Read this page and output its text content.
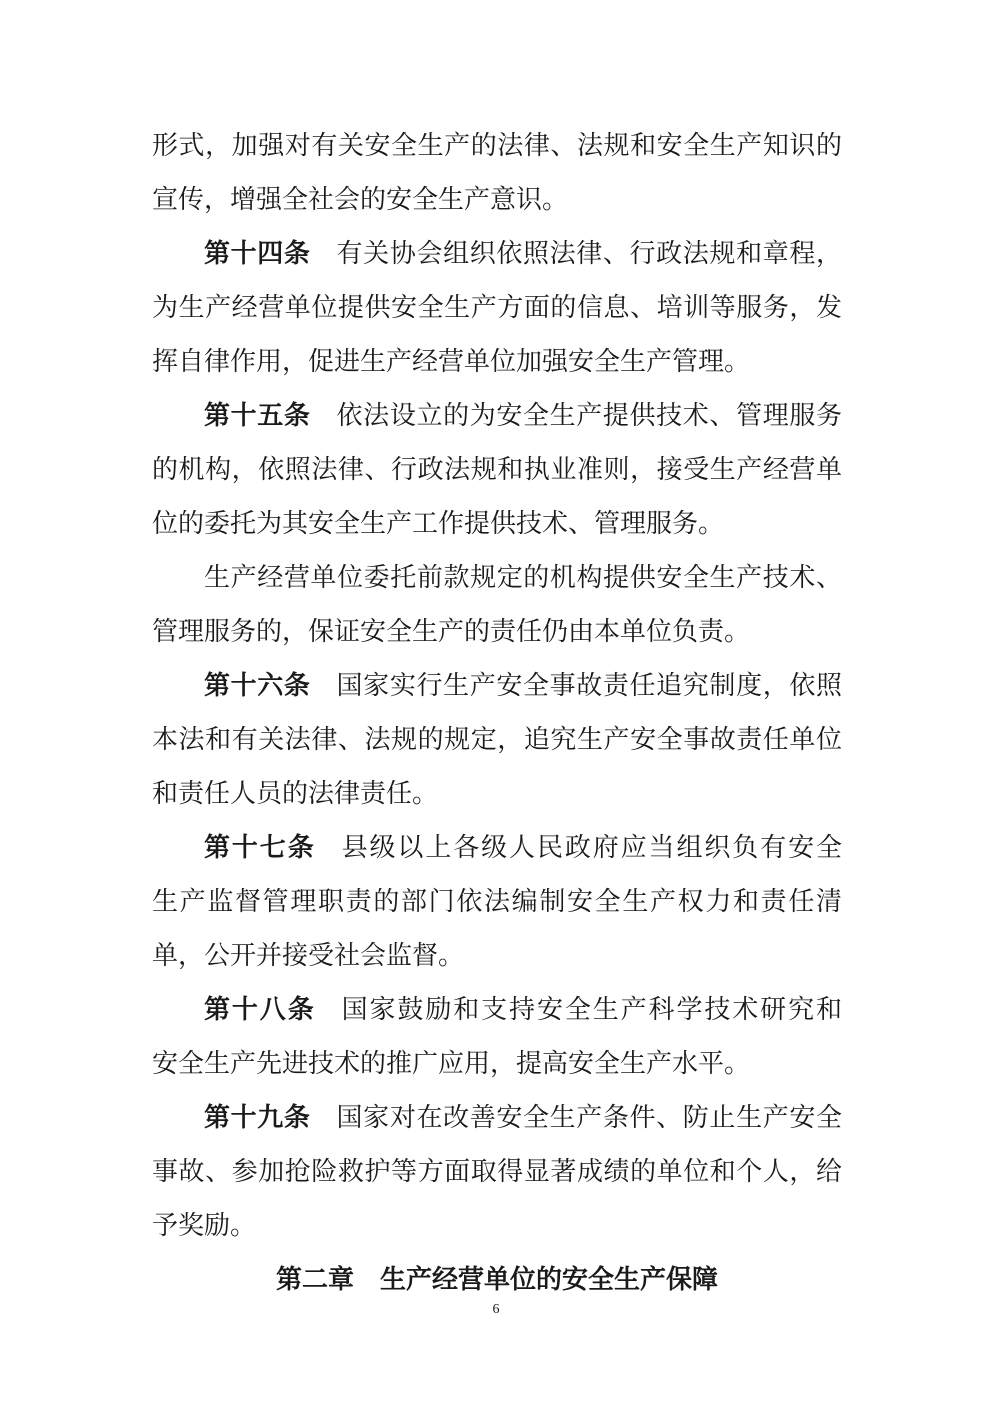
形式，加强对有关安全生产的法律、法规和安全生产知识的
宣传，增强全社会的安全生产意识。
第十四条 有关协会组织依照法律、行政法规和章程，
为生产经营单位提供安全生产方面的信息、培训等服务，发
挥自律作用，促进生产经营单位加强安全生产管理。
第十五条 依法设立的为安全生产提供技术、管理服务
的机构，依照法律、行政法规和执业准则，接受生产经营单
位的委托为其安全生产工作提供技术、管理服务。
生产经营单位委托前款规定的机构提供安全生产技术、
管理服务的，保证安全生产的责任仍由本单位负责。
第十六条 国家实行生产安全事故责任追究制度，依照
本法和有关法律、法规的规定，追究生产安全事故责任单位
和责任人员的法律责任。
第十七条 县级以上各级人民政府应当组织负有安全
生产监督管理职责的部门依法编制安全生产权力和责任清
单，公开并接受社会监督。
第十八条 国家鼓励和支持安全生产科学技术研究和
安全生产先进技术的推广应用，提高安全生产水平。
第十九条 国家对在改善安全生产条件、防止生产安全
事故、参加抢险救护等方面取得显著成绩的单位和个人，给
予奖励。
第二章　生产经营单位的安全生产保障
6
